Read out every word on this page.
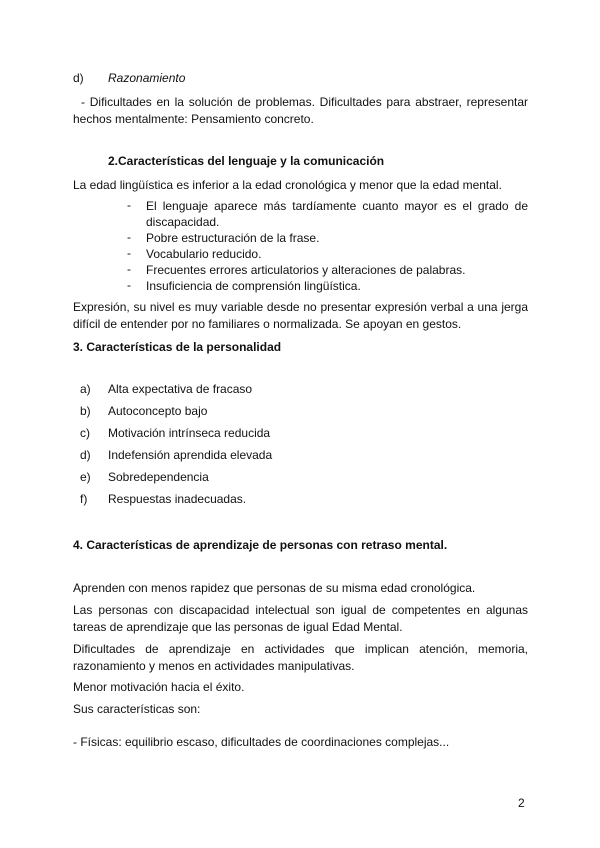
d) Razonamiento
- Dificultades en la solución de problemas. Dificultades para abstraer, representar hechos mentalmente: Pensamiento concreto.
2.Características del lenguaje y la comunicación
La edad lingüística es inferior a la edad cronológica y menor que la edad mental.
-	El lenguaje aparece más tardíamente cuanto mayor es el grado de discapacidad.
-	Pobre estructuración de la frase.
-	Vocabulario reducido.
-	Frecuentes errores articulatorios y alteraciones de palabras.
-	Insuficiencia de comprensión lingüística.
Expresión, su nivel es muy variable desde no presentar expresión verbal a una jerga difícil de entender por no familiares o normalizada. Se apoyan en gestos.
3. Características de la personalidad
a)	Alta expectativa de fracaso
b)	Autoconcepto bajo
c)	Motivación intrínseca reducida
d)	Indefensión aprendida elevada
e)	Sobredependencia
f)	Respuestas inadecuadas.
4. Características de aprendizaje de personas con retraso mental.
Aprenden con menos rapidez que personas de su misma edad cronológica.
Las personas con discapacidad intelectual son igual de competentes en algunas tareas de aprendizaje que las personas de igual Edad Mental.
Dificultades de aprendizaje en actividades que implican atención, memoria, razonamiento y menos en actividades manipulativas.
Menor motivación hacia el éxito.
Sus características son:
- Físicas: equilibrio escaso, dificultades de coordinaciones complejas...
2
